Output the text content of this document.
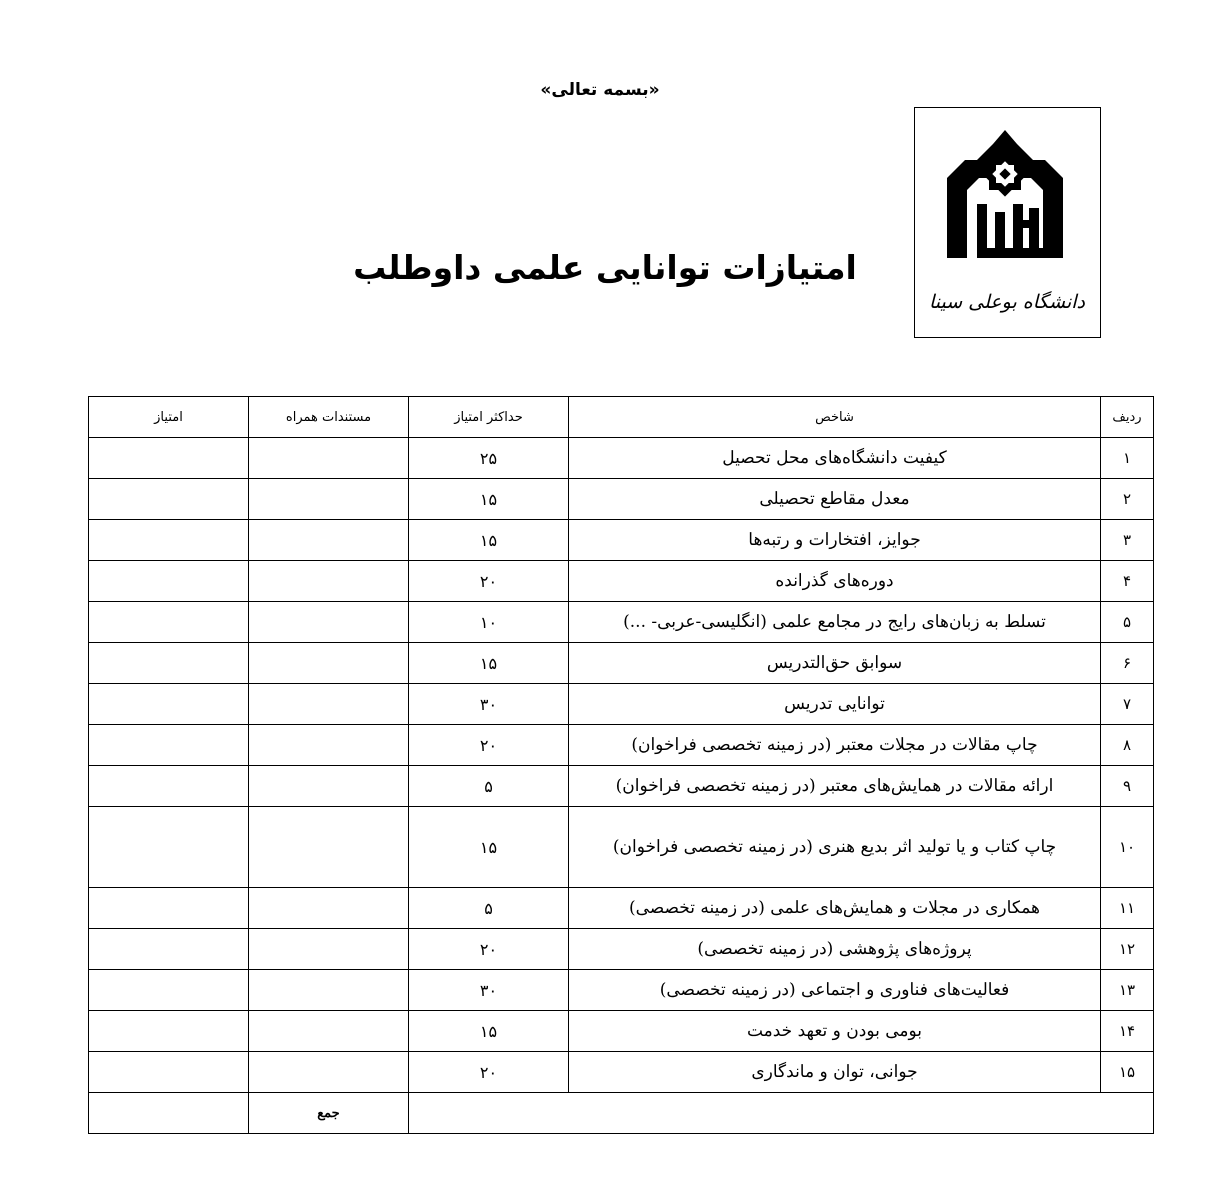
«بسمه تعالی»
دانشگاه بوعلی سینا
امتیازات توانایی علمی داوطلب
ردیف	شاخص	حداکثر امتیاز	مستندات همراه	امتیاز
۱	کیفیت دانشگاه‌های محل تحصیل	۲۵		
۲	معدل مقاطع تحصیلی	۱۵		
۳	جوایز، افتخارات و رتبه‌ها	۱۵		
۴	دوره‌های گذرانده	۲۰		
۵	تسلط به زبان‌های رایج در مجامع علمی (انگلیسی-عربی- ...)	۱۰		
۶	سوابق حق‌التدریس	۱۵		
۷	توانایی تدریس	۳۰		
۸	چاپ مقالات در مجلات معتبر (در زمینه تخصصی فراخوان)	۲۰		
۹	ارائه مقالات در همایش‌های معتبر (در زمینه تخصصی فراخوان)	۵		
۱۰	چاپ کتاب و یا تولید اثر بدیع هنری (در زمینه تخصصی فراخوان)	۱۵		
۱۱	همکاری در مجلات و همایش‌های علمی (در زمینه تخصصی)	۵		
۱۲	پروژه‌های پژوهشی (در زمینه تخصصی)	۲۰		
۱۳	فعالیت‌های فناوری و اجتماعی (در زمینه تخصصی)	۳۰		
۱۴	بومی بودن و تعهد خدمت	۱۵		
۱۵	جوانی، توان و ماندگاری	۲۰		
			جمع	
